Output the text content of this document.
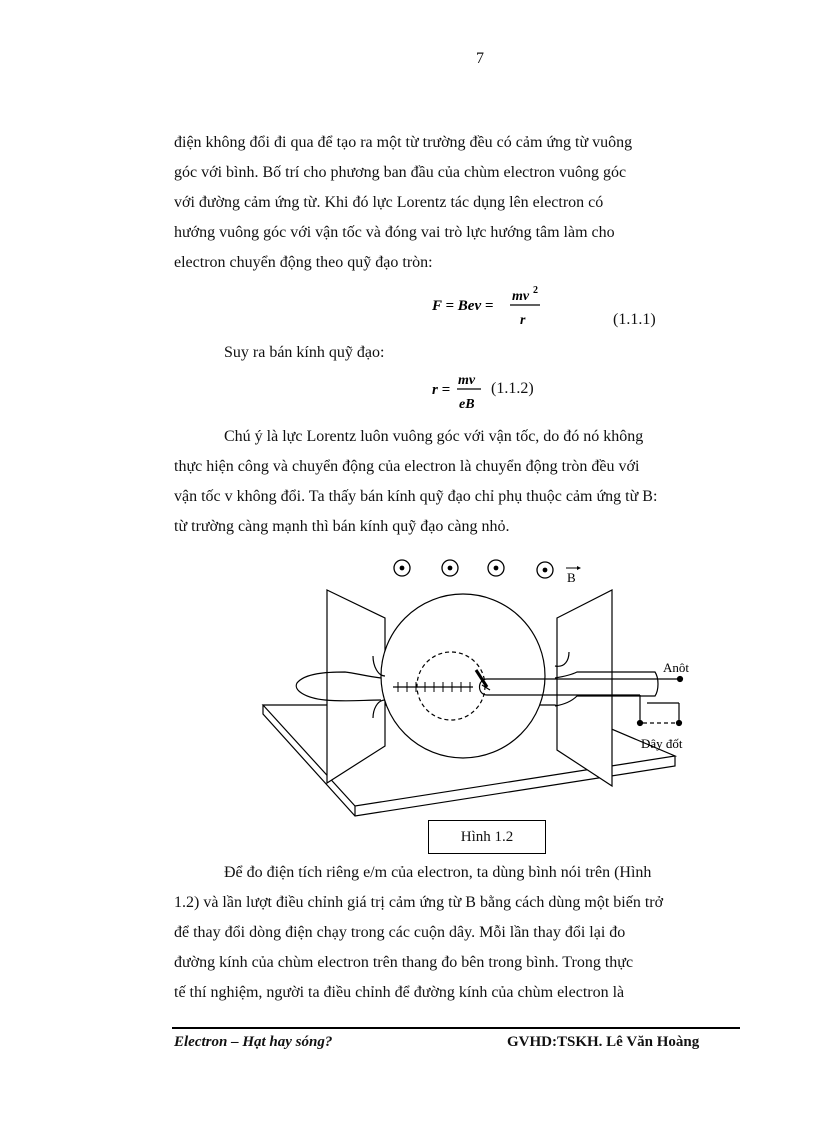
7
điện không đổi đi qua để tạo ra một từ trường đều có cảm ứng từ vuông
góc với bình. Bố trí cho phương ban đầu của chùm electron vuông góc
với đường cảm ứng từ. Khi đó lực Lorentz tác dụng lên electron có
hướng vuông góc với vận tốc và đóng vai trò lực hướng tâm làm cho
electron chuyển động theo quỹ đạo tròn:
F = Bev =
mv 2
r	(1.1.1)
Suy ra bán kính quỹ đạo:
r =
mv
eB
(1.1.2)
Chú ý là lực Lorentz luôn vuông góc với vận tốc, do đó nó không
thực hiện công và chuyển động của electron là chuyển động tròn đều với
vận tốc v không đổi. Ta thấy bán kính quỹ đạo chỉ phụ thuộc cảm ứng từ B:
từ trường càng mạnh thì bán kính quỹ đạo càng nhỏ.
B
Anôt
Dây đốt
Hình 1.2
Để đo điện tích riêng e/m của electron, ta dùng bình nói trên (Hình
1.2) và lần lượt điều chỉnh giá trị cảm ứng từ B bằng cách dùng một biến trở
để thay đổi dòng điện chạy trong các cuộn dây. Mỗi lần thay đổi lại đo
đường kính của chùm electron trên thang đo bên trong bình. Trong thực
tế thí nghiệm, người ta điều chỉnh để đường kính của chùm electron là
Electron – Hạt hay sóng?	GVHD:TSKH. Lê Văn Hoàng
